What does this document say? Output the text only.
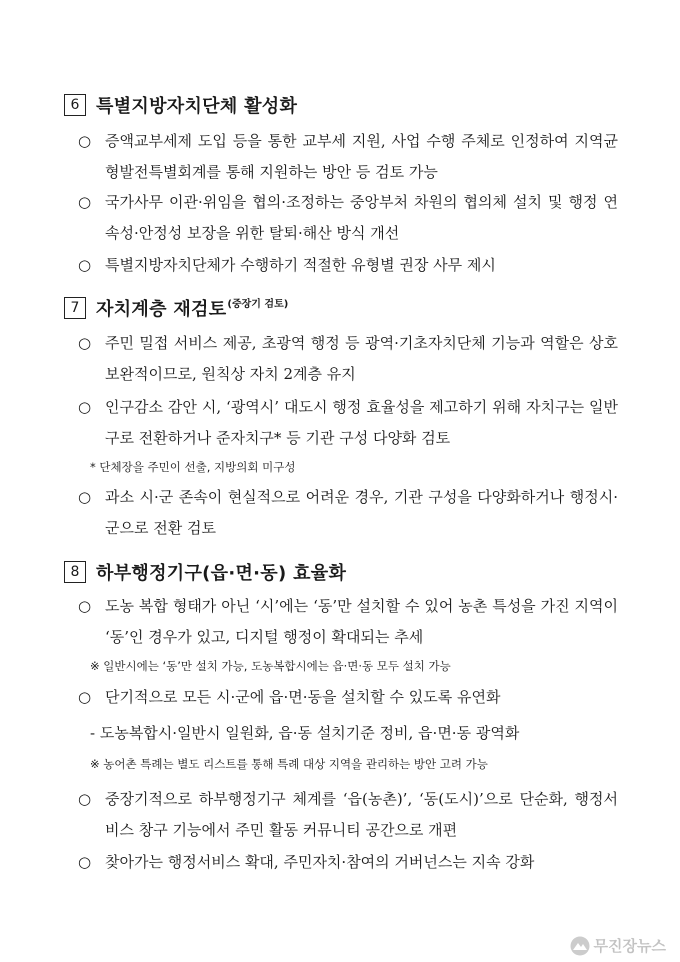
6 특별지방자치단체 활성화
○ 증액교부세제 도입 등을 통한 교부세 지원, 사업 수행 주체로 인정하여 지역균형발전특별회계를 통해 지원하는 방안 등 검토 가능
○ 국가사무 이관·위임을 협의·조정하는 중앙부처 차원의 협의체 설치 및 행정 연속성·안정성 보장을 위한 탈퇴·해산 방식 개선
○ 특별지방자치단체가 수행하기 적절한 유형별 권장 사무 제시
7 자치계층 재검토 (중장기 검토)
○ 주민 밀접 서비스 제공, 초광역 행정 등 광역·기초자치단체 기능과 역할은 상호 보완적이므로, 원칙상 자치 2계층 유지
○ 인구감소 감안 시, ‘광역시’ 대도시 행정 효율성을 제고하기 위해 자치구는 일반구로 전환하거나 준자치구* 등 기관 구성 다양화 검토
* 단체장을 주민이 선출, 지방의회 미구성
○ 과소 시·군 존속이 현실적으로 어려운 경우, 기관 구성을 다양화하거나 행정시·군으로 전환 검토
8 하부행정기구(읍·면·동) 효율화
○ 도농 복합 형태가 아닌 ‘시’에는 ‘동’만 설치할 수 있어 농촌 특성을 가진 지역이 ‘동’인 경우가 있고, 디지털 행정이 확대되는 추세
※ 일반시에는 ‘동’만 설치 가능, 도농복합시에는 읍·면·동 모두 설치 가능
○ 단기적으로 모든 시·군에 읍·면·동을 설치할 수 있도록 유연화
- 도농복합시·일반시 일원화, 읍·동 설치기준 정비, 읍·면·동 광역화
※ 농어촌 특례는 별도 리스트를 통해 특례 대상 지역을 관리하는 방안 고려 가능
○ 중장기적으로 하부행정기구 체계를 ‘읍(농촌)’, ‘동(도시)’으로 단순화, 행정서비스 창구 기능에서 주민 활동 커뮤니티 공간으로 개편
○ 찾아가는 행정서비스 확대, 주민자치·참여의 거버넌스는 지속 강화
무진장뉴스
